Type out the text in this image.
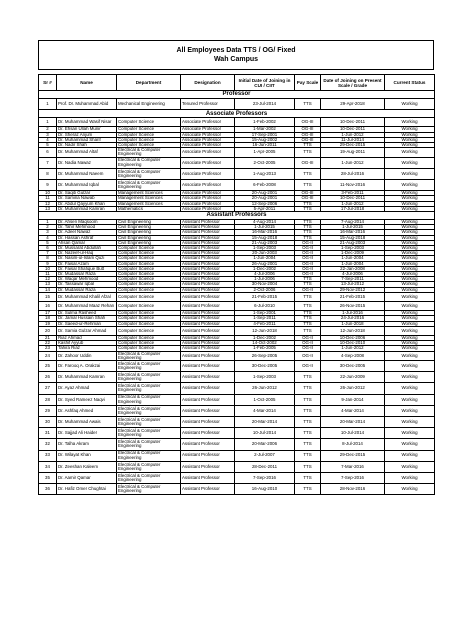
All Employees Data TTS / OG/ Fixed
Wah Campus
Sr #	Name	Department	Designation	Initial Date of Joining in CUI / CIIT	Pay Scale	Date of Joining on Present Scale / Grade	Current Status
Professor							
1	Prof. Dr. Muhammad Abid	Mechanical Engineering	Tenured Professor	23-Jul-2014	TTS	29-Apr-2018	Working
Associate Professors							
1	Dr. Muhammad Wasif Nisar	Computer Science	Associate Professor	1-Feb-2002	OG-III	10-Dec-2011	Working
2	Dr. Ehsan Ullah Munir	Computer Science	Associate Professor	1-Mar-2002	OG-III	10-Dec-2011	Working
3	Dr. Sheraz Anjum	Computer Science	Associate Professor	17-Sep-2001	OG-III	1-Jun-2012	Working
4	Dr. Muhammad Sharif	Computer Science	Associate Professor	15-Aug-2002	OG-III	11-Jul-2014	Working
5	Dr. Nadir Shah	Computer Science	Associate Professor	16-Jun-2011	TTS	29-Dec-2015	Working
6	Dr. Muhammad Altaf	Electrical & Computer Engineering	Associate Professor	1-Apr-2005	TTS	19-Aug-2011	Working
7	Dr. Nadia Nawaz	Electrical & Computer Engineering	Associate Professor	2-Oct-2005	OG-III	1-Jun-2012	Working
8	Dr. Muhammad Naeem	Electrical & Computer Engineering	Associate Professor	1-Aug-2013	TTS	28-Jul-2016	Working
9	Dr. Muhammad Iqbal	Electrical & Computer Engineering	Associate Professor	6-Feb-2008	TTS	11-Nov-2016	Working
10	Dr. Saqib Gulzar	Management Sciences	Associate Professor	20-Aug-2001	OG-III	3-Feb-2011	Working
11	Dr. Samina Nawab	Management Sciences	Associate Professor	20-Aug-2001	OG-III	10-Dec-2011	Working
12	Dr. Abdul Qayyum Khan	Management Sciences	Associate Professor	12-Sep-2006	TTS	1-Jun-2012	Working
13	Dr. Muhammad Kamran	Mathematics	Associate Professor	5-Apr-2011	TTS	17-Jul-2018	Working
Assistant Professors							
1	Dr. Ahsen Maqsoom	Civil Engineering	Assistant Professor	4-Aug-2014	TTS	7-Aug-2014	Working
2	Dr. Tahir Mehmood	Civil Engineering	Assistant Professor	1-Jul-2015	TTS	1-Jul-2015	Working
3	Dr. Adeel Nawaz	Civil Engineering	Assistant Professor	16-Mar-2016	TTS	16-Mar-2016	Working
4	Dr. Hassan Ashraf	Civil Engineering	Assistant Professor	15-Aug-2018	TTS	15-Aug-2018	Working
5	Ahsan Qamar	Civil Engineering	Assistant Professor	21-Aug-2003	OG-II	21-Aug-2003	Working
6	Dr. Mussarat Abdullah	Computer Science	Assistant Professor	1-Sep-2003	OG-II	1-Sep-2003	Working
7	Dr. Nazeef-ul-Haq	Computer Science	Assistant Professor	20-Jun-2003	OG-II	1-Dec-2009	Working
8	Dr. Nasim-ul-Islam Quzi	Computer Science	Assistant Professor	1-Jun-2004	OG-II	1-Jun-2004	Working
9	Dr. Faisal Azam	Computer Science	Assistant Professor	26-Aug-2001	OG-II	1-Jun-2004	Working
10	Dr. Faisal Shafique Butt	Computer Science	Assistant Professor	1-Dec-2002	OG-II	22-Jan-2008	Working
11	Dr. Mudassar Raza	Computer Science	Assistant Professor	4-Jul-2006	OG-II	4-Jul-2006	Working
12	Dr. Waqar Mehmood	Computer Science	Assistant Professor	1-Jul-2006	TTS	7-Sep-2011	Working
13	Dr. Tassawar Iqbal	Computer Science	Assistant Professor	30-Nov-2004	TTS	13-Jul-2012	Working
14	Dr. Mudassar Raza	Computer Science	Assistant Professor	2-Oct-2006	OG-II	29-Nov-2012	Working
15	Dr. Muhammad Khalil Afzal	Computer Science	Assistant Professor	21-Feb-2015	TTS	21-Feb-2015	Working
16	Dr. Muhammad Maaz Rehan	Computer Science	Assistant Professor	6-Jul-2010	TTS	26-Nov-2015	Working
17	Dr. Sulma Rasheed	Computer Science	Assistant Professor	1-Sep-2001	TTS	1-Jul-2016	Working
18	Dr. Jamal Hussain Shah	Computer Science	Assistant Professor	1-Sep-2011	TTS	24-Jul-2016	Working
19	Dr. Saeed-ur-Rehman	Computer Science	Assistant Professor	4-Feb-2011	TTS	1-Jun-2018	Working
20	Dr. Samia Gulzar Ahmad	Computer Science	Assistant Professor	12-Jun-2018	TTS	12-Jun-2018	Working
21	Riaz Ahmad	Computer Science	Assistant Professor	1-Dec-2002	OG-II	10-Dec-2006	Working
22	Kashif Ayyub	Computer Science	Assistant Professor	14-Oct-2002	OG-II	10-Dec-2010	Working
23	Tahira Riaz	Computer Science	Assistant Professor	1-Feb-2005	OG-II	1-Jun-2012	Working
24	Dr. Zahoor Uddin	Electrical & Computer Engineering	Assistant Professor	26-Sep-2005	OG-II	4-Sep-2008	Working
25	Dr. Farooq A. Orakzai	Electrical & Computer Engineering	Assistant Professor	30-Dec-2005	OG-II	30-Dec-2005	Working
26	Dr. Muhammad Kamran	Electrical & Computer Engineering	Assistant Professor	1-Sep-2003	TTS	22-Jun-2009	Working
27	Dr. Ayaz Ahmad	Electrical & Computer Engineering	Assistant Professor	26-Jun-2012	TTS	26-Jun-2012	Working
28	Dr. Syed Rameez Naqvi	Electrical & Computer Engineering	Assistant Professor	1-Oct-2005	TTS	9-Jan-2014	Working
29	Dr. Ashfaq Ahmed	Electrical & Computer Engineering	Assistant Professor	4-Mar-2014	TTS	4-Mar-2014	Working
30	Dr. Muhammad Awais	Electrical & Computer Engineering	Assistant Professor	20-Mar-2014	TTS	20-Mar-2014	Working
31	Dr. Sajjad Ali Haider	Electrical & Computer Engineering	Assistant Professor	10-Jul-2014	TTS	10-Jul-2014	Working
32	Dr. Talha Akram	Electrical & Computer Engineering	Assistant Professor	20-Mar-2006	TTS	8-Jul-2014	Working
33	Dr. Wilayat Khan	Electrical & Computer Engineering	Assistant Professor	2-Jul-2007	TTS	29-Dec-2015	Working
34	Dr. Zeeshan Kaleem	Electrical & Computer Engineering	Assistant Professor	28-Dec-2011	TTS	7-Mar-2016	Working
35	Dr. Aamir Qamar	Electrical & Computer Engineering	Assistant Professor	7-Sep-2016	TTS	7-Sep-2016	Working
36	Dr. Hafiz Omer Chughtai	Electrical & Computer Engineering	Assistant Professor	16-Aug-2010	TTS	28-Nov-2016	Working
